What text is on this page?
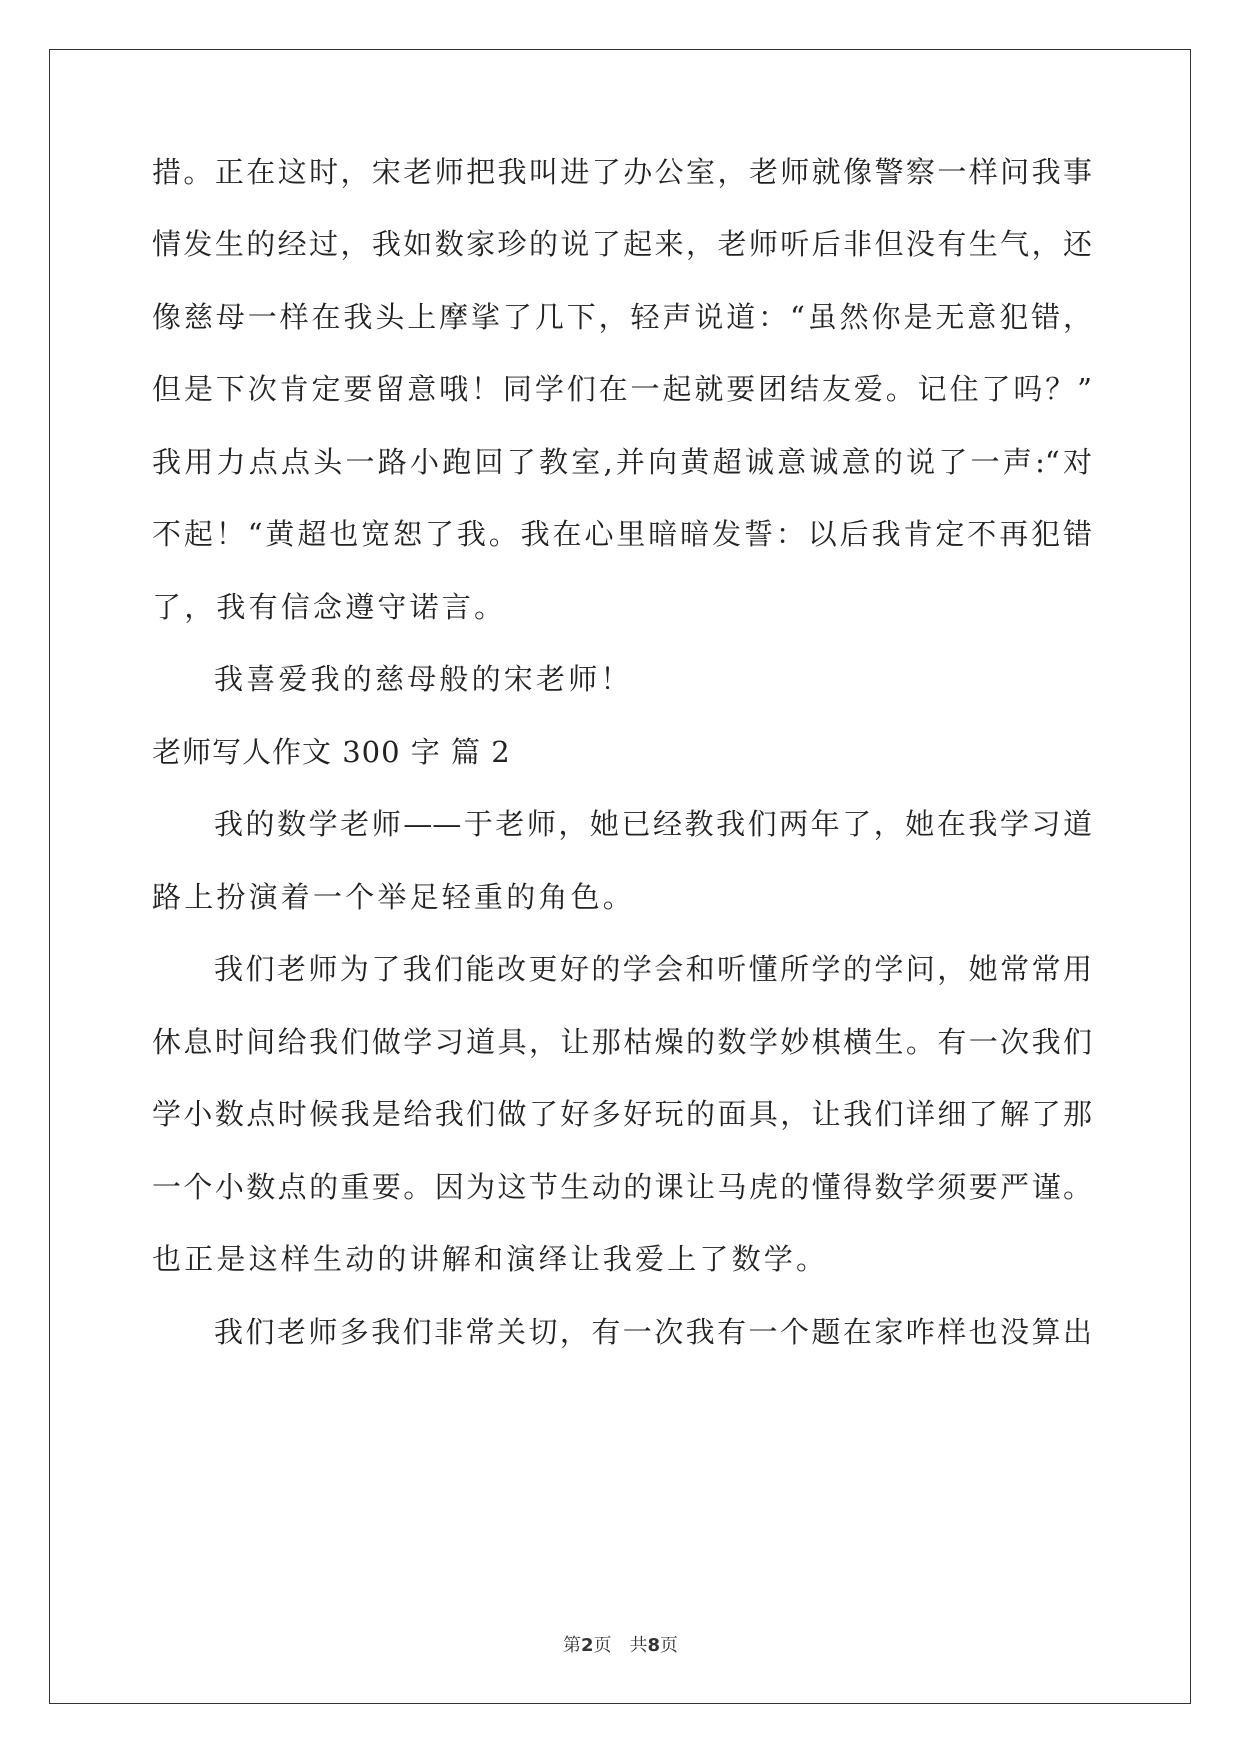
措。正在这时，宋老师把我叫进了办公室，老师就像警察一样问我事
情发生的经过，我如数家珍的说了起来，老师听后非但没有生气，还
像慈母一样在我头上摩挲了几下，轻声说道：“虽然你是无意犯错，
但是下次肯定要留意哦！同学们在一起就要团结友爱。记住了吗？”
我用力点点头一路小跑回了教室,并向黄超诚意诚意的说了一声:“对
不起！“黄超也宽恕了我。我在心里暗暗发誓：以后我肯定不再犯错
了，我有信念遵守诺言。
我喜爱我的慈母般的宋老师！
老师写人作文 300 字 篇 2
我的数学老师——于老师，她已经教我们两年了，她在我学习道
路上扮演着一个举足轻重的角色。
我们老师为了我们能改更好的学会和听懂所学的学问，她常常用
休息时间给我们做学习道具，让那枯燥的数学妙棋横生。有一次我们
学小数点时候我是给我们做了好多好玩的面具，让我们详细了解了那
一个小数点的重要。因为这节生动的课让马虎的懂得数学须要严谨。
也正是这样生动的讲解和演绎让我爱上了数学。
我们老师多我们非常关切，有一次我有一个题在家咋样也没算出
第2页 共8页
